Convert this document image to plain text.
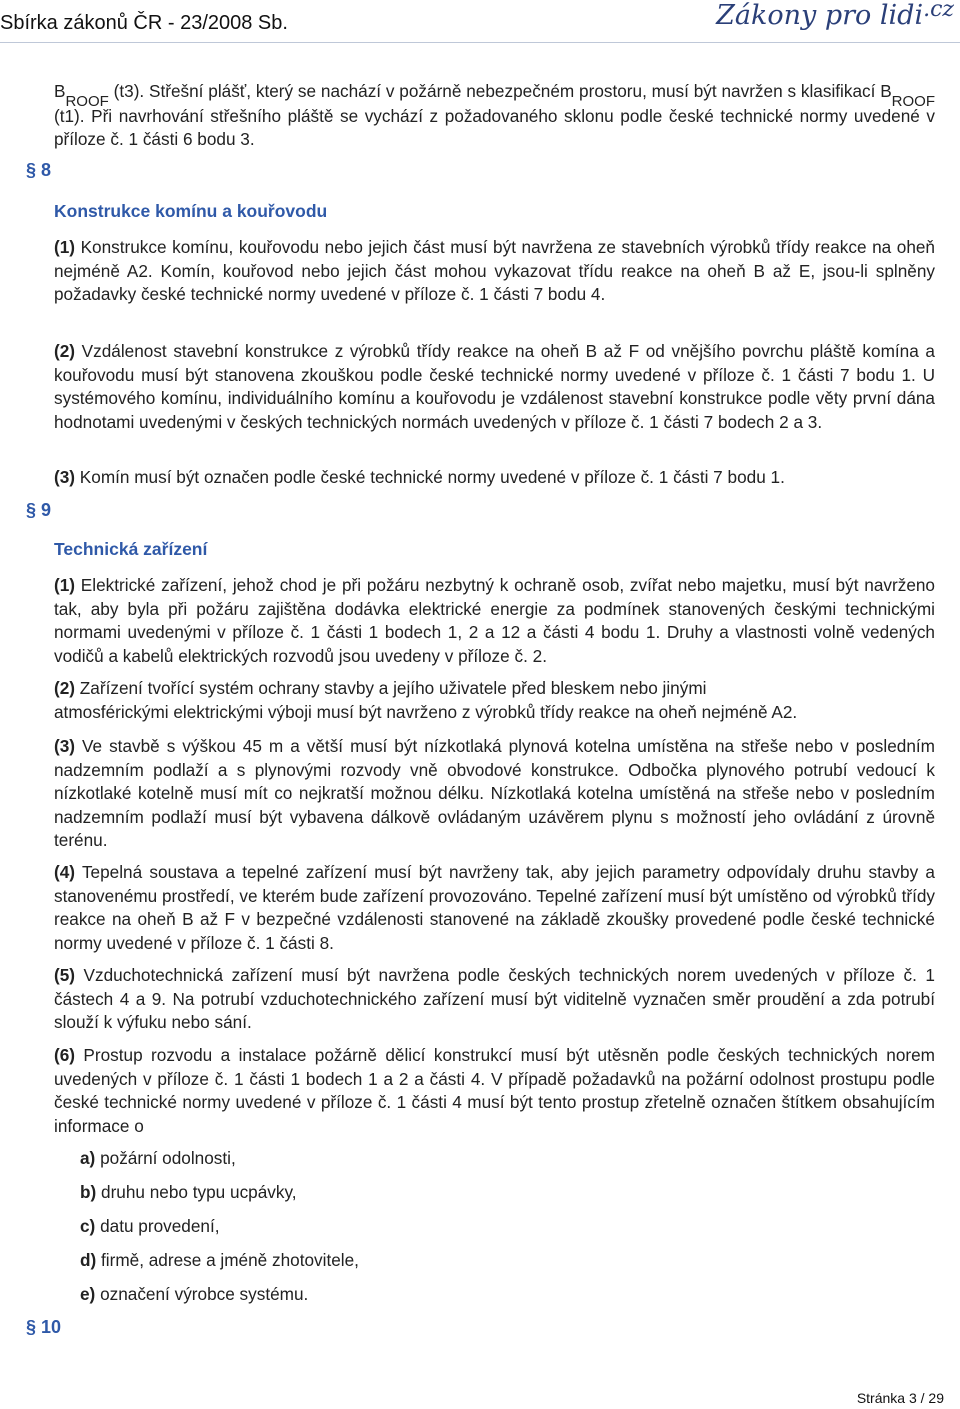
Sbírka zákonů ČR - 23/2008 Sb.	Zákony pro lidi$^{.cz}$
BROOF (t3). Střešní plášť, který se nachází v požárně nebezpečném prostoru, musí být navržen s klasifikací BROOF (t1). Při navrhování střešního pláště se vychází z požadovaného sklonu podle české technické normy uvedené v příloze č. 1 části 6 bodu 3.
§ 8
Konstrukce komínu a kouřovodu
(1) Konstrukce komínu, kouřovodu nebo jejich část musí být navržena ze stavebních výrobků třídy reakce na oheň nejméně A2. Komín, kouřovod nebo jejich část mohou vykazovat třídu reakce na oheň B až E, jsou-li splněny požadavky české technické normy uvedené v příloze č. 1 části 7 bodu 4.
(2) Vzdálenost stavební konstrukce z výrobků třídy reakce na oheň B až F od vnějšího povrchu pláště komína a kouřovodu musí být stanovena zkouškou podle české technické normy uvedené v příloze č. 1 části 7 bodu 1. U systémového komínu, individuálního komínu a kouřovodu je vzdálenost stavební konstrukce podle věty první dána hodnotami uvedenými v českých technických normách uvedených v příloze č. 1 části 7 bodech 2 a 3.
(3) Komín musí být označen podle české technické normy uvedené v příloze č. 1 části 7 bodu 1.
§ 9
Technická zařízení
(1) Elektrické zařízení, jehož chod je při požáru nezbytný k ochraně osob, zvířat nebo majetku, musí být navrženo tak, aby byla při požáru zajištěna dodávka elektrické energie za podmínek stanovených českými technickými normami uvedenými v příloze č. 1 části 1 bodech 1, 2 a 12 a části 4 bodu 1. Druhy a vlastnosti volně vedených vodičů a kabelů elektrických rozvodů jsou uvedeny v příloze č. 2.
(2) Zařízení tvořící systém ochrany stavby a jejího uživatele před bleskem nebo jinými
atmosférickými elektrickými výboji musí být navrženo z výrobků třídy reakce na oheň nejméně A2.
(3) Ve stavbě s výškou 45 m a větší musí být nízkotlaká plynová kotelna umístěna na střeše nebo v posledním nadzemním podlaží a s plynovými rozvody vně obvodové konstrukce. Odbočka plynového potrubí vedoucí k nízkotlaké kotelně musí mít co nejkratší možnou délku. Nízkotlaká kotelna umístěná na střeše nebo v posledním nadzemním podlaží musí být vybavena dálkově ovládaným uzávěrem plynu s možností jeho ovládání z úrovně terénu.
(4) Tepelná soustava a tepelné zařízení musí být navrženy tak, aby jejich parametry odpovídaly druhu stavby a stanovenému prostředí, ve kterém bude zařízení provozováno. Tepelné zařízení musí být umístěno od výrobků třídy reakce na oheň B až F v bezpečné vzdálenosti stanovené na základě zkoušky provedené podle české technické normy uvedené v příloze č. 1 části 8.
(5) Vzduchotechnická zařízení musí být navržena podle českých technických norem uvedených v příloze č. 1 částech 4 a 9. Na potrubí vzduchotechnického zařízení musí být viditelně vyznačen směr proudění a zda potrubí slouží k výfuku nebo sání.
(6) Prostup rozvodu a instalace požárně dělicí konstrukcí musí být utěsněn podle českých technických norem uvedených v příloze č. 1 části 1 bodech 1 a 2 a části 4. V případě požadavků na požární odolnost prostupu podle české technické normy uvedené v příloze č. 1 části 4 musí být tento prostup zřetelně označen štítkem obsahujícím informace o
a) požární odolnosti,
b) druhu nebo typu ucpávky,
c) datu provedení,
d) firmě, adrese a jméně zhotovitele,
e) označení výrobce systému.
§ 10
Stránka 3 / 29
